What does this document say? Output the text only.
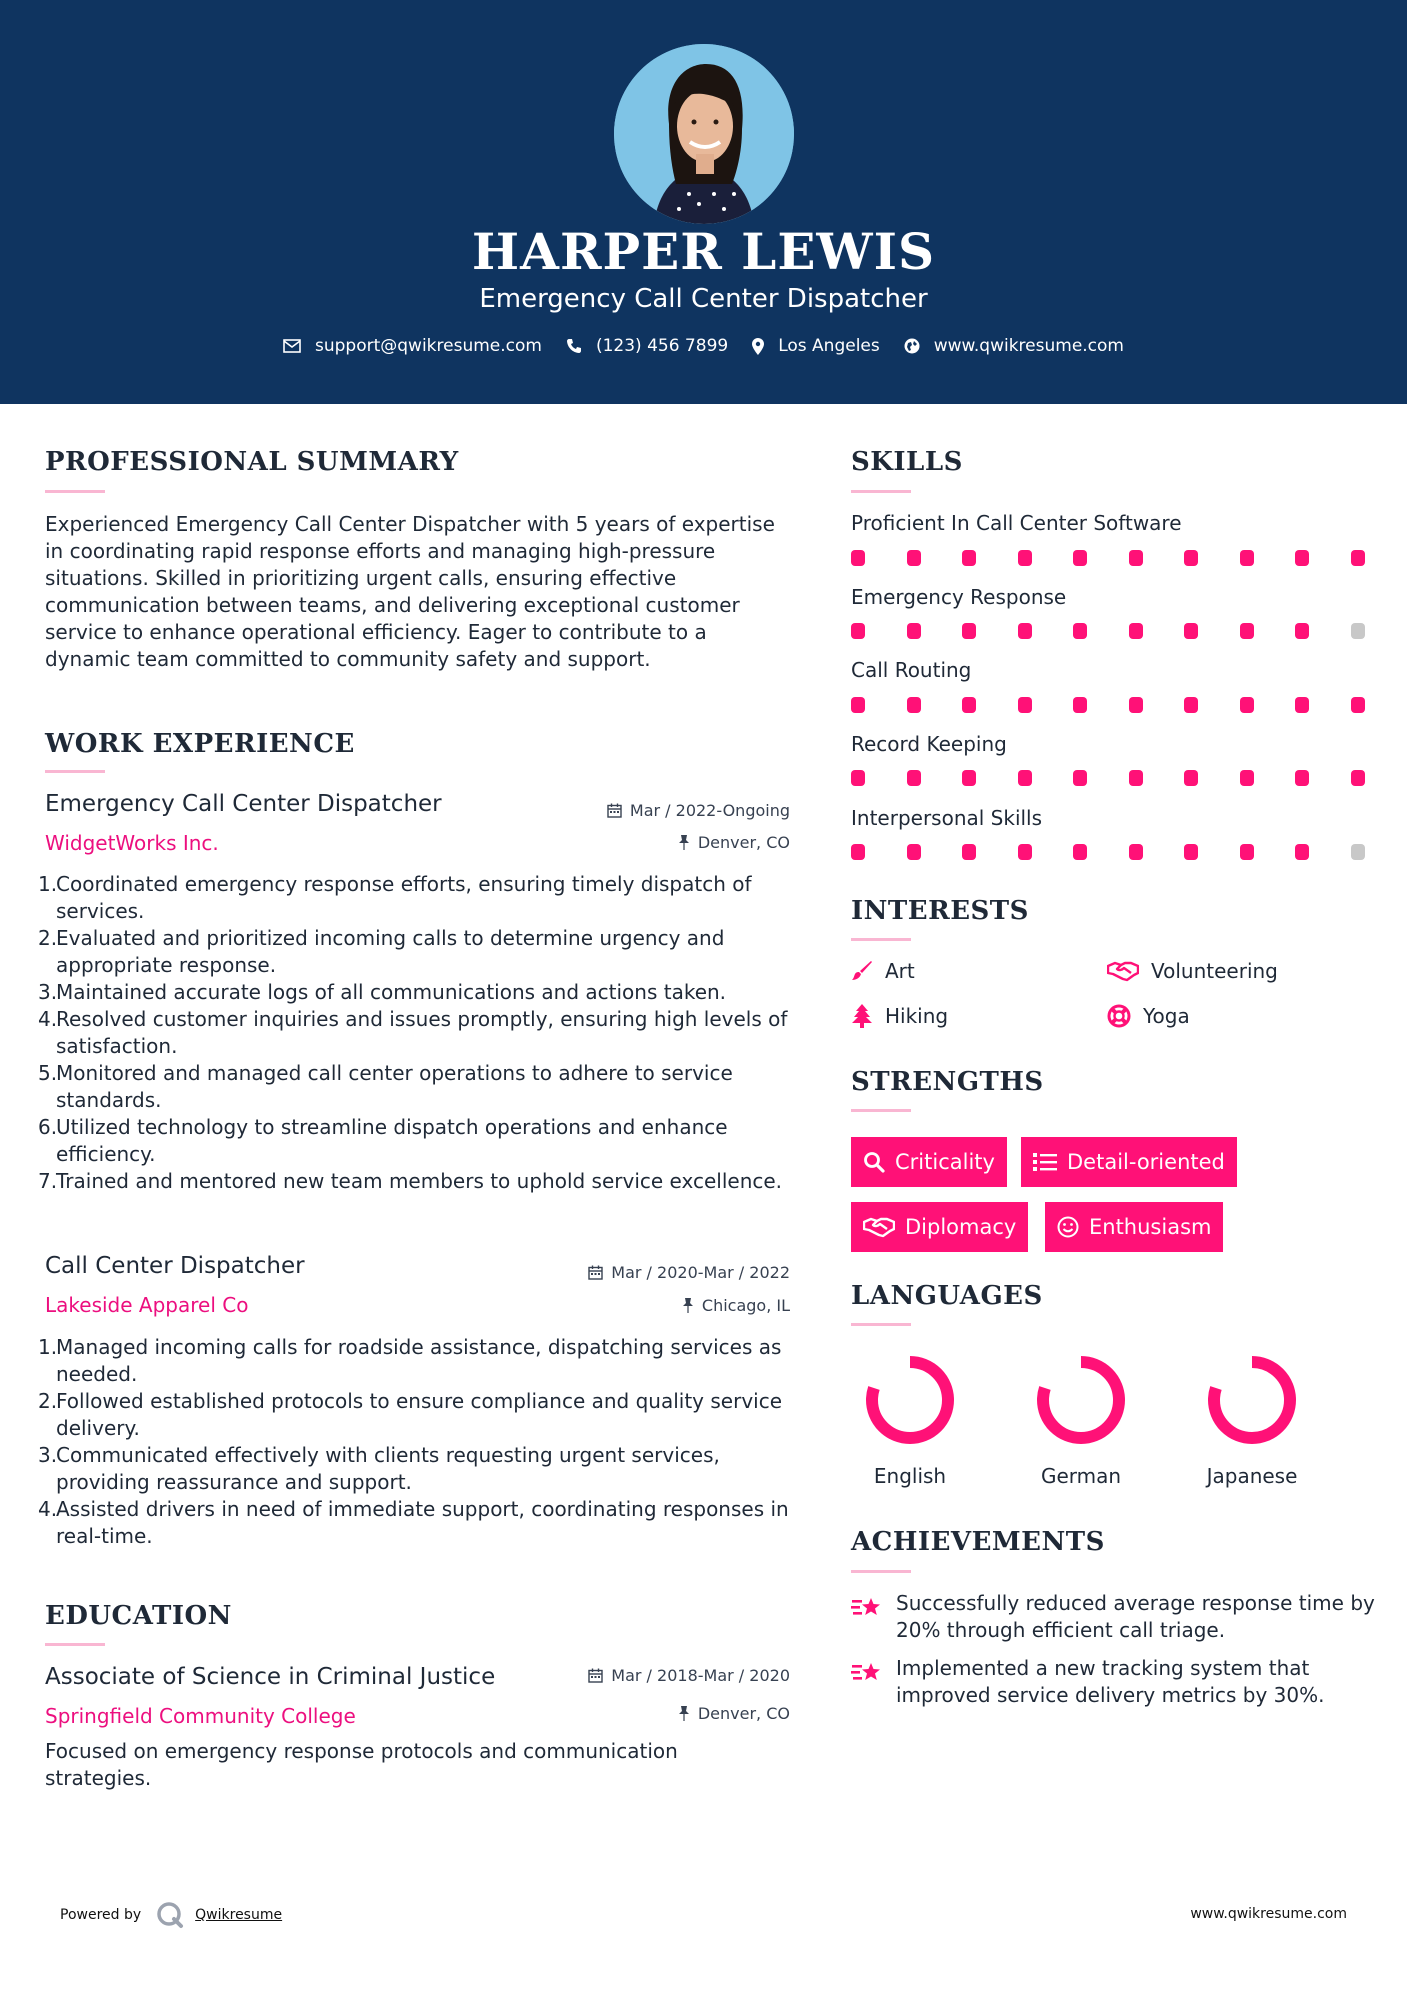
HARPER LEWIS
Emergency Call Center Dispatcher
support@qwikresume.com	(123) 456 7899	Los Angeles	www.qwikresume.com
PROFESSIONAL SUMMARY
Experienced Emergency Call Center Dispatcher with 5 years of expertise in coordinating rapid response efforts and managing high-pressure situations. Skilled in prioritizing urgent calls, ensuring effective communication between teams, and delivering exceptional customer service to enhance operational efficiency. Eager to contribute to a dynamic team committed to community safety and support.
WORK EXPERIENCE
Emergency Call Center Dispatcher	Mar / 2022-Ongoing
WidgetWorks Inc.	Denver, CO
1.
Coordinated emergency response efforts, ensuring timely dispatch of services.
2.
Evaluated and prioritized incoming calls to determine urgency and appropriate response.
3.
Maintained accurate logs of all communications and actions taken.
4.
Resolved customer inquiries and issues promptly, ensuring high levels of satisfaction.
5.
Monitored and managed call center operations to adhere to service standards.
6.
Utilized technology to streamline dispatch operations and enhance efficiency.
7.
Trained and mentored new team members to uphold service excellence.
Call Center Dispatcher	Mar / 2020-Mar / 2022
Lakeside Apparel Co	Chicago, IL
1.
Managed incoming calls for roadside assistance, dispatching services as needed.
2.
Followed established protocols to ensure compliance and quality service delivery.
3.
Communicated effectively with clients requesting urgent services, providing reassurance and support.
4.
Assisted drivers in need of immediate support, coordinating responses in real-time.
EDUCATION
Associate of Science in Criminal Justice	Mar / 2018-Mar / 2020
Springfield Community College	Denver, CO
Focused on emergency response protocols and communication strategies.
SKILLS
Proficient In Call Center Software
Emergency Response
Call Routing
Record Keeping
Interpersonal Skills
INTERESTS
Art	Volunteering
Hiking	Yoga
STRENGTHS
Criticality	Detail-oriented
Diplomacy	Enthusiasm
LANGUAGES
English	German	Japanese
ACHIEVEMENTS
Successfully reduced average response time by 20% through efficient call triage.
Implemented a new tracking system that improved service delivery metrics by 30%.
Powered by	Qwikresume	www.qwikresume.com
